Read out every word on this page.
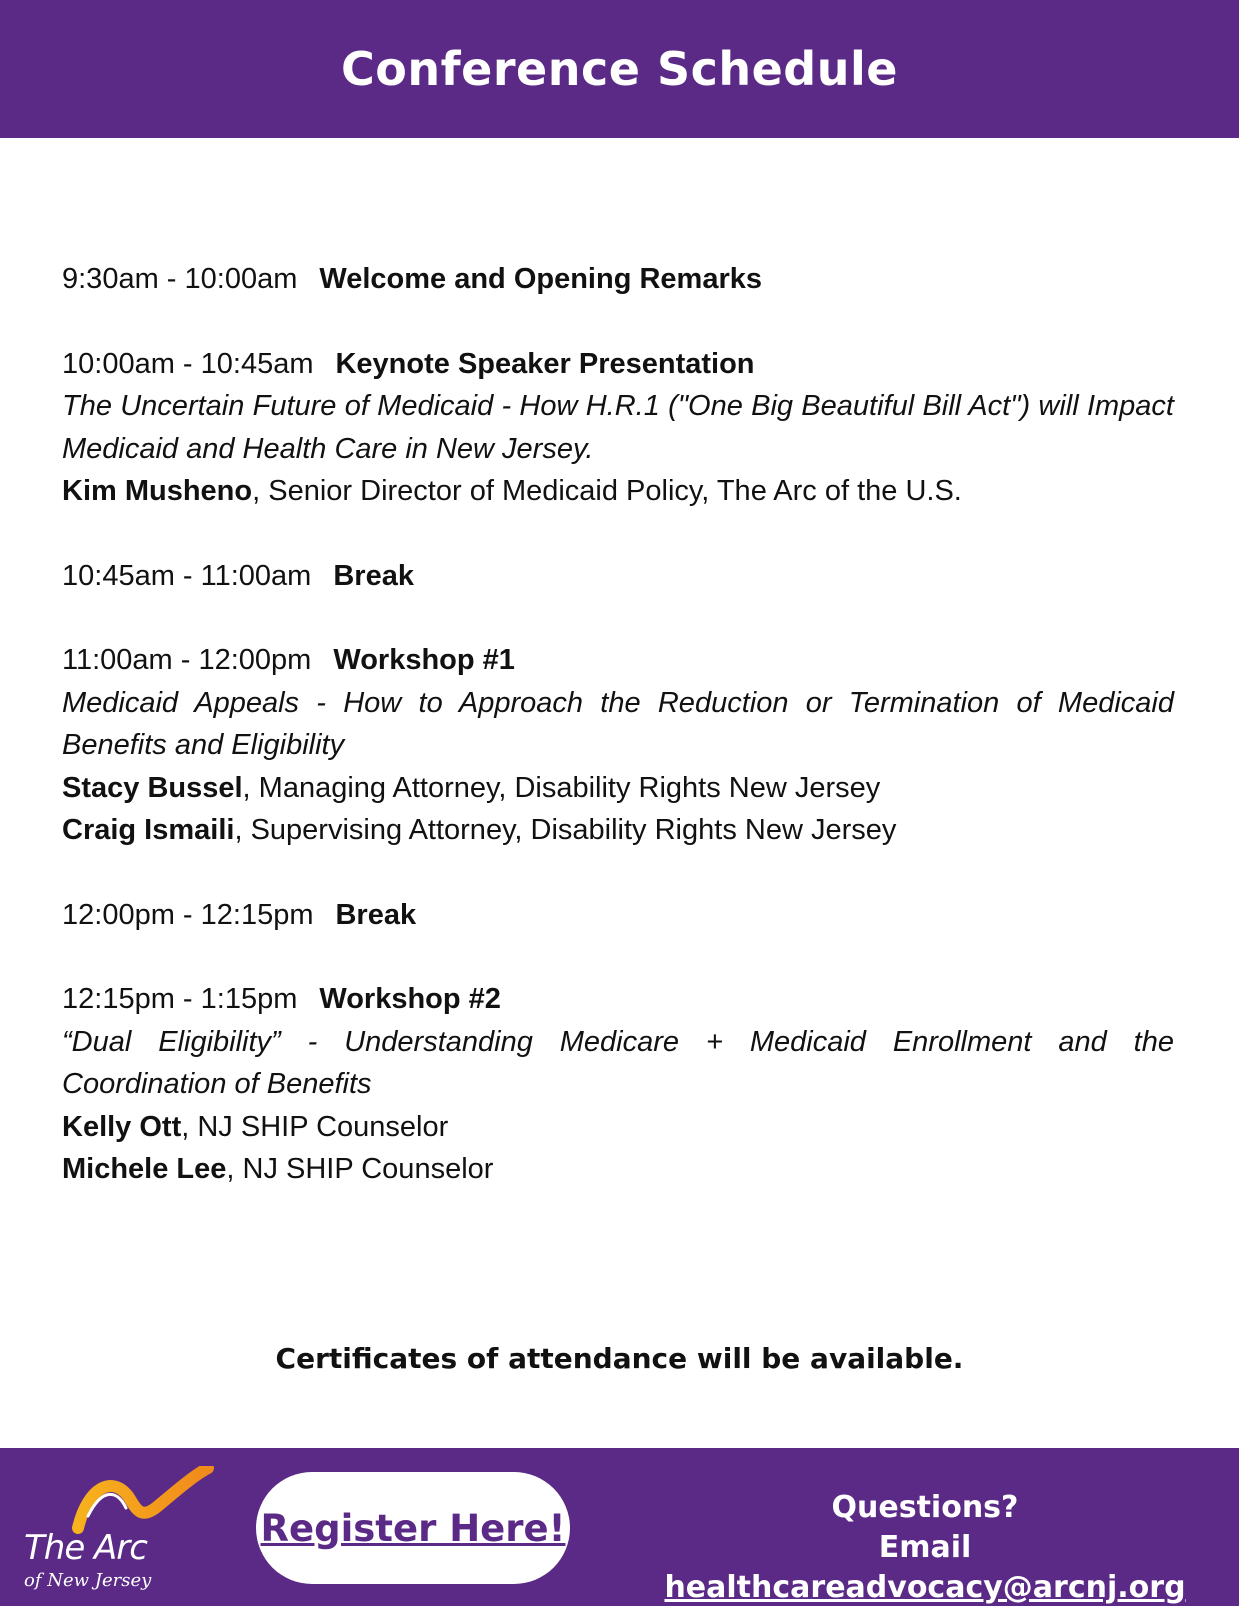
Conference Schedule
9:30am - 10:00am Welcome and Opening Remarks
10:00am - 10:45am Keynote Speaker Presentation
The Uncertain Future of Medicaid - How H.R.1 ("One Big Beautiful Bill Act") will Impact Medicaid and Health Care in New Jersey.
Kim Musheno, Senior Director of Medicaid Policy, The Arc of the U.S.
10:45am - 11:00am Break
11:00am - 12:00pm Workshop #1
Medicaid Appeals - How to Approach the Reduction or Termination of Medicaid Benefits and Eligibility
Stacy Bussel, Managing Attorney, Disability Rights New Jersey
Craig Ismaili, Supervising Attorney, Disability Rights New Jersey
12:00pm - 12:15pm Break
12:15pm - 1:15pm Workshop #2
“Dual Eligibility” - Understanding Medicare + Medicaid Enrollment and the Coordination of Benefits
Kelly Ott, NJ SHIP Counselor
Michele Lee, NJ SHIP Counselor
Certificates of attendance will be available.
The Arc
of New Jersey
Register Here!	Questions?
Email healthcareadvocacy@arcnj.org
